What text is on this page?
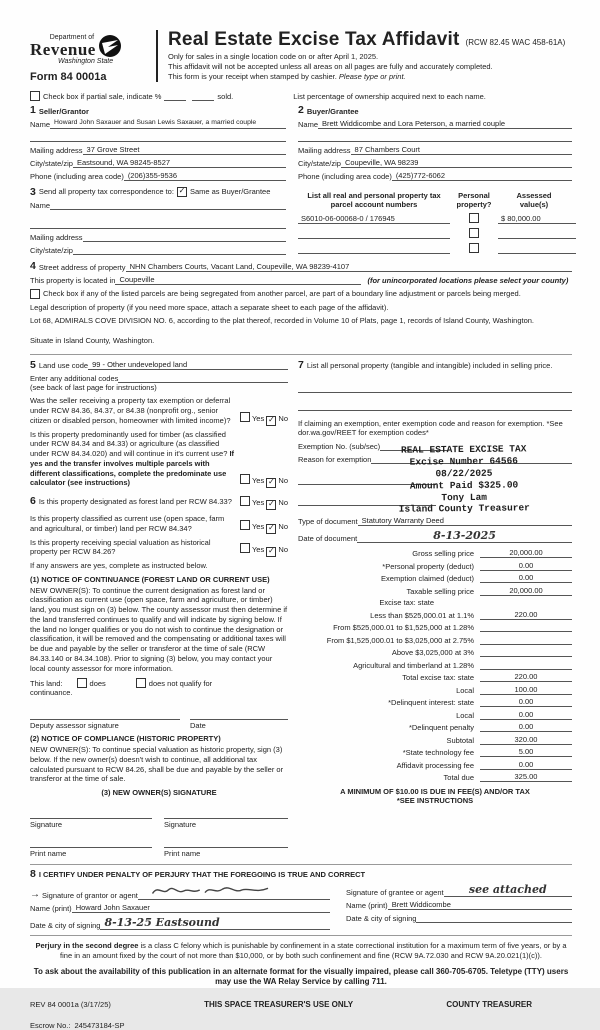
Department of
Revenue
Washington State
Form 84 0001a
Real Estate Excise Tax Affidavit (RCW 82.45 WAC 458-61A)
Only for sales in a single location code on or after April 1, 2025.
This affidavit will not be accepted unless all areas on all pages are fully and accurately completed.
This form is your receipt when stamped by cashier. Please type or print.
Check box if partial sale, indicate %	sold.	List percentage of ownership acquired next to each name.
1 Seller/Grantor
Name Howard John Saxauer and Susan Lewis Saxauer, a married couple
Mailing address 37 Grove Street
City/state/zip Eastsound, WA 98245-8527
Phone (including area code) (206)355-9536
2 Buyer/Grantee
Name Brett Widdicombe and Lora Peterson, a married couple
Mailing address 87 Chambers Court
City/state/zip Coupeville, WA 98239
Phone (including area code) (425)772-6062
3 Send all property tax correspondence to: ✓ Same as Buyer/Grantee
Name
Mailing address
City/state/zip
List all real and personal property tax
parcel account numbers
Personal
property?
Assessed
value(s)
S6010-06-00068-0 / 176945	$ 80,000.00
4 Street address of property NHN Chambers Courts, Vacant Land, Coupeville, WA 98239-4107
This property is located in Coupeville	(for unincorporated locations please select your county)
Check box if any of the listed parcels are being segregated from another parcel, are part of a boundary line adjustment or parcels being merged.
Legal description of property (if you need more space, attach a separate sheet to each page of the affidavit).
Lot 68, ADMIRALS COVE DIVISION NO. 6, according to the plat thereof, recorded in Volume 10 of Plats, page 1, records of Island County, Washington.
Situate in Island County, Washington.
5 Land use code 99 - Other undeveloped land
Enter any additional codes
(see back of last page for instructions)
Was the seller receiving a property tax exemption or deferral under RCW 84.36, 84.37, or 84.38 (nonprofit org., senior citizen or disabled person, homeowner with limited income)?	Yes ✓ No
Is this property predominantly used for timber (as classified under RCW 84.34 and 84.33) or agriculture (as classified under RCW 84.34.020) and will continue in it's current use? If yes and the transfer involves multiple parcels with different classifications, complete the predominate use calculator (see instructions)	Yes ✓ No
6 Is this property designated as forest land per RCW 84.33?	Yes ✓ No
Is this property classified as current use (open space, farm and agricultural, or timber) land per RCW 84.34?	Yes ✓ No
Is this property receiving special valuation as historical property per RCW 84.26?	Yes ✓ No
If any answers are yes, complete as instructed below.
(1) NOTICE OF CONTINUANCE (FOREST LAND OR CURRENT USE)
NEW OWNER(S): To continue the current designation as forest land or classification as current use (open space, farm and agriculture, or timber) land, you must sign on (3) below. The county assessor must then determine if the land transferred continues to qualify and will indicate by signing below. If the land no longer qualifies or you do not wish to continue the designation or classification, it will be removed and the compensating or additional taxes will be due and payable by the seller or transferor at the time of sale (RCW 84.33.140 or 84.34.108). Prior to signing (3) below, you may contact your local county assessor for more information.
This land:	does	does not qualify for
continuance.
Deputy assessor signature	Date
(2) NOTICE OF COMPLIANCE (HISTORIC PROPERTY)
NEW OWNER(S): To continue special valuation as historic property, sign (3) below. If the new owner(s) doesn't wish to continue, all additional tax calculated pursuant to RCW 84.26, shall be due and payable by the seller or transferor at the time of sale.
(3) NEW OWNER(S) SIGNATURE
Signature	Signature
Print name	Print name
REAL ESTATE EXCISE TAX
Excise Number 64566
08/22/2025
Amount Paid $325.00
Tony Lam
Island County Treasurer
7 List all personal property (tangible and intangible) included in selling price.
If claiming an exemption, enter exemption code and reason for exemption. *See dor.wa.gov/REET for exemption codes*
Exemption No. (sub/sec)
Reason for exemption
Type of document Statutory Warranty Deed
Date of document	8-13-2025
Gross selling price	20,000.00
*Personal property (deduct)	0.00
Exemption claimed (deduct)	0.00
Taxable selling price	20,000.00
Excise tax: state
Less than $525,000.01 at 1.1%	220.00
From $525,000.01 to $1,525,000 at 1.28%
From $1,525,000.01 to $3,025,000 at 2.75%
Above $3,025,000 at 3%
Agricultural and timberland at 1.28%
Total excise tax: state	220.00
Local	100.00
*Delinquent interest: state	0.00
Local	0.00
*Delinquent penalty	0.00
Subtotal	320.00
*State technology fee	5.00
Affidavit processing fee	0.00
Total due	325.00
A MINIMUM OF $10.00 IS DUE IN FEE(S) AND/OR TAX
*SEE INSTRUCTIONS
8 I CERTIFY UNDER PENALTY OF PERJURY THAT THE FOREGOING IS TRUE AND CORRECT
→ Signature of grantor or agent
Name (print) Howard John Saxauer
Date & city of signing 8-13-25 Eastsound
Signature of grantee or agent	see attached
Name (print) Brett Widdicombe
Date & city of signing
Perjury in the second degree is a class C felony which is punishable by confinement in a state correctional institution for a maximum term of five years, or by a fine in an amount fixed by the court of not more than $10,000, or by both such confinement and fine (RCW 9A.72.030 and RCW 9A.20.021(1)(c)).
To ask about the availability of this publication in an alternate format for the visually impaired, please call 360-705-6705. Teletype (TTY) users may use the WA Relay Service by calling 711.
REV 84 0001a (3/17/25)	THIS SPACE TREASURER'S USE ONLY	COUNTY TREASURER
Escrow No.: 245473184-SP
